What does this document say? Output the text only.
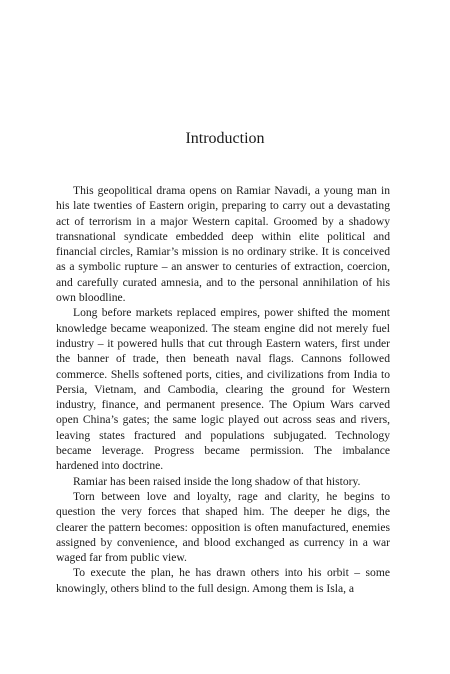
Introduction

This geopolitical drama opens on Ramiar Navadi, a young man in his late twenties of Eastern origin, preparing to carry out a devastating act of terrorism in a major Western capital. Groomed by a shadowy transnational syndicate embedded deep within elite political and financial circles, Ramiar’s mission is no ordinary strike. It is conceived as a symbolic rupture – an answer to centuries of extraction, coercion, and carefully curated amnesia, and to the personal annihilation of his own bloodline.

Long before markets replaced empires, power shifted the moment knowledge became weaponized. The steam engine did not merely fuel industry – it powered hulls that cut through Eastern waters, first under the banner of trade, then beneath naval flags. Cannons followed commerce. Shells softened ports, cities, and civilizations from India to Persia, Vietnam, and Cambodia, clearing the ground for Western industry, finance, and permanent presence. The Opium Wars carved open China’s gates; the same logic played out across seas and rivers, leaving states fractured and populations subjugated. Technology became leverage. Progress became permission. The imbalance hardened into doctrine.

Ramiar has been raised inside the long shadow of that history.

Torn between love and loyalty, rage and clarity, he begins to question the very forces that shaped him. The deeper he digs, the clearer the pattern becomes: opposition is often manufactured, enemies assigned by convenience, and blood exchanged as currency in a war waged far from public view.

To execute the plan, he has drawn others into his orbit – some knowingly, others blind to the full design. Among them is Isla, a
